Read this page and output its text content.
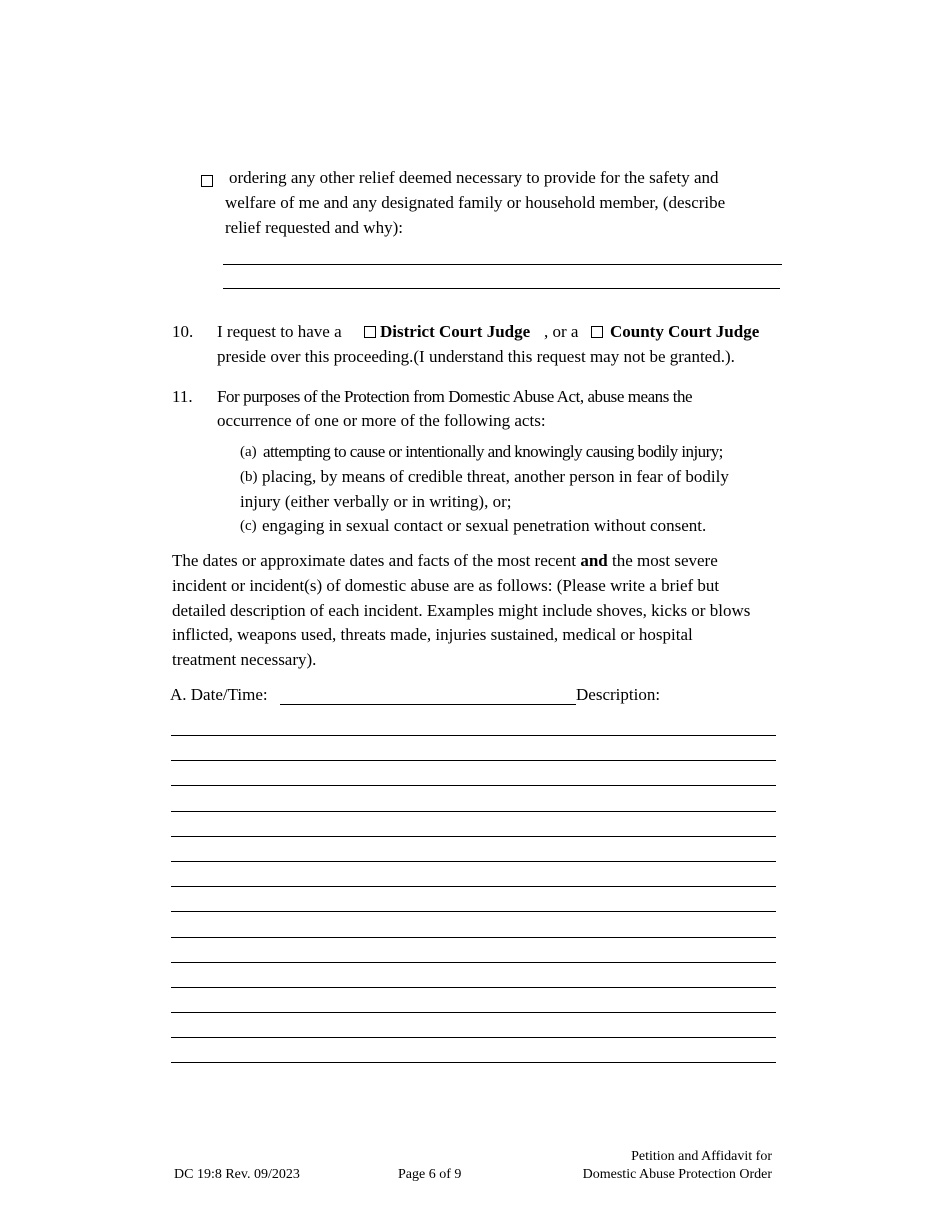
ordering any other relief deemed necessary to provide for the safety and
welfare of me and any designated family or household member, (describe
relief requested and why):
10. I request to have a District Court Judge , or a County Court Judge
preside over this proceeding.(I understand this request may not be granted.).
11. For purposes of the Protection from Domestic Abuse Act, abuse means the
occurrence of one or more of the following acts:
(a) attempting to cause or intentionally and knowingly causing bodily injury;
(b) placing, by means of credible threat, another person in fear of bodily
injury (either verbally or in writing), or;
(c) engaging in sexual contact or sexual penetration without consent.
The dates or approximate dates and facts of the most recent and the most severe
incident or incident(s) of domestic abuse are as follows: (Please write a brief but
detailed description of each incident. Examples might include shoves, kicks or blows
inflicted, weapons used, threats made, injuries sustained, medical or hospital
treatment necessary).
A. Date/Time:	Description:
DC 19:8 Rev. 09/2023	Page 6 of 9
Petition and Affidavit for
Domestic Abuse Protection Order
